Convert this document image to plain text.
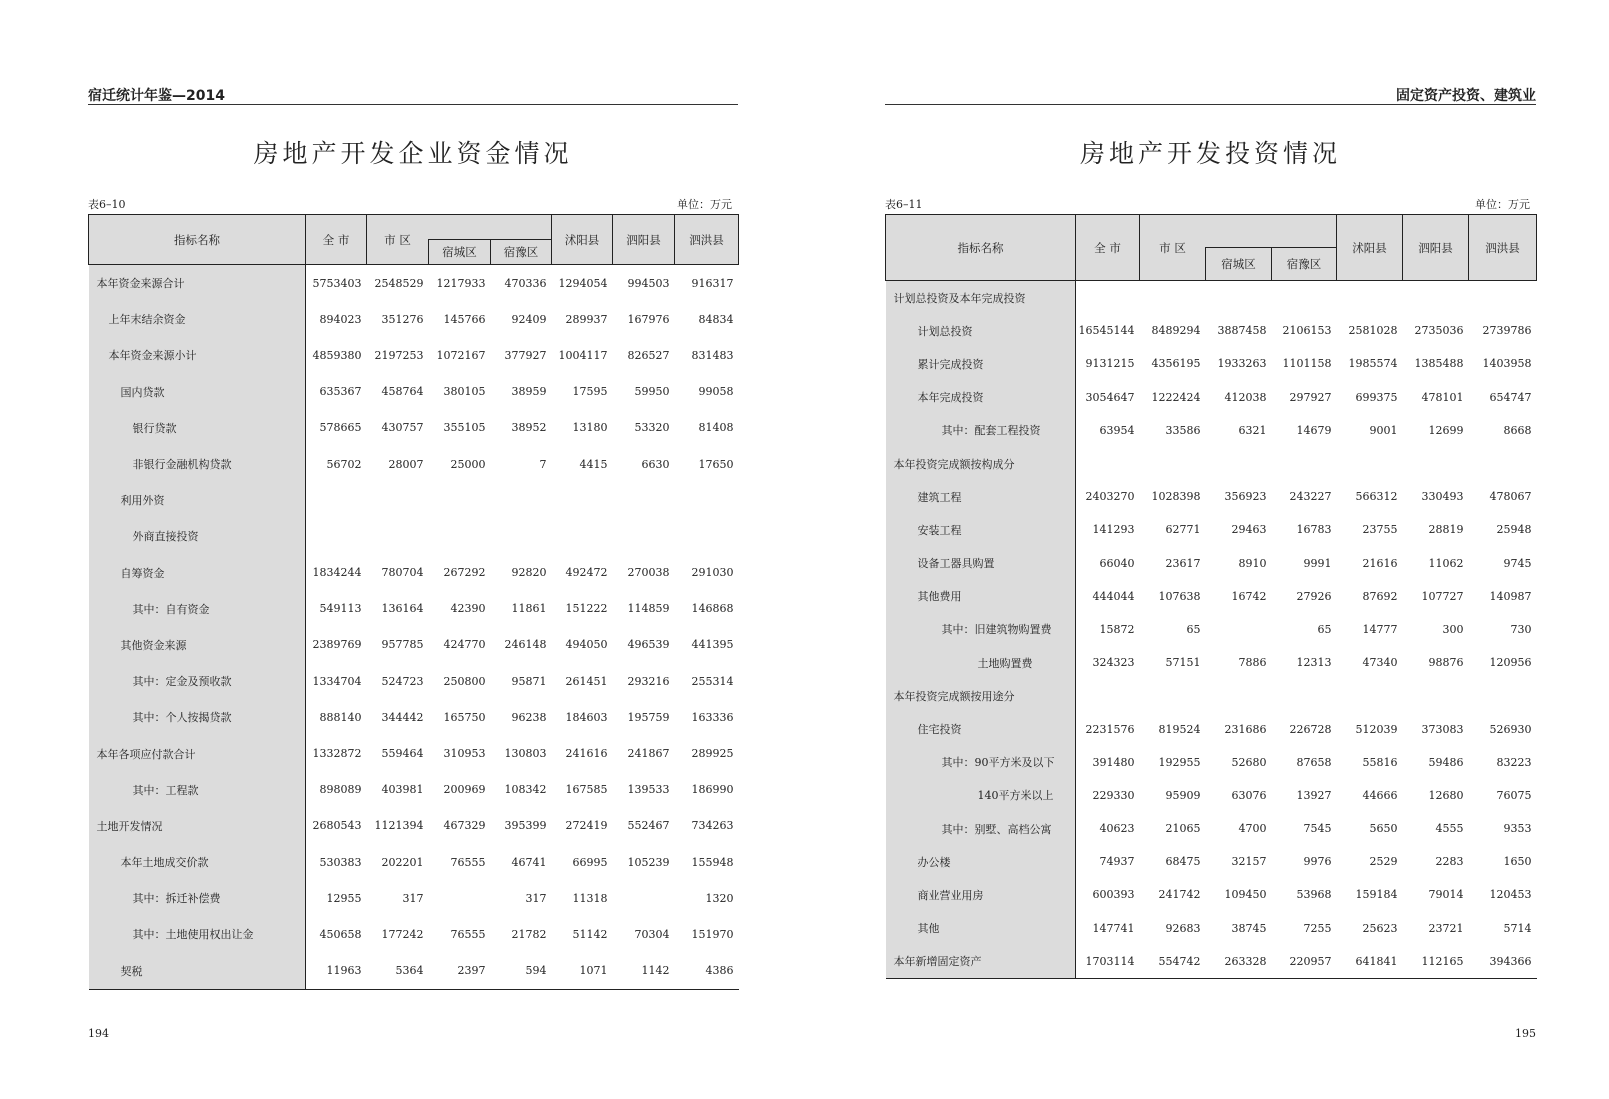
宿迁统计年鉴—2014
房地产开发企业资金情况
表6–10	单位：万元
指标名称	全 市	市 区			沭阳县	泗阳县	泗洪县
			宿城区	宿豫区			
本年资金来源合计	5753403	2548529	1217933	470336	1294054	994503	916317
上年末结余资金	894023	351276	145766	92409	289937	167976	84834
本年资金来源小计	4859380	2197253	1072167	377927	1004117	826527	831483
国内贷款	635367	458764	380105	38959	17595	59950	99058
银行贷款	578665	430757	355105	38952	13180	53320	81408
非银行金融机构贷款	56702	28007	25000	7	4415	6630	17650
利用外资							
外商直接投资							
自筹资金	1834244	780704	267292	92820	492472	270038	291030
其中：自有资金	549113	136164	42390	11861	151222	114859	146868
其他资金来源	2389769	957785	424770	246148	494050	496539	441395
其中：定金及预收款	1334704	524723	250800	95871	261451	293216	255314
其中：个人按揭贷款	888140	344442	165750	96238	184603	195759	163336
本年各项应付款合计	1332872	559464	310953	130803	241616	241867	289925
其中：工程款	898089	403981	200969	108342	167585	139533	186990
土地开发情况	2680543	1121394	467329	395399	272419	552467	734263
本年土地成交价款	530383	202201	76555	46741	66995	105239	155948
其中：拆迁补偿费	12955	317		317	11318		1320
其中：土地使用权出让金	450658	177242	76555	21782	51142	70304	151970
契税	11963	5364	2397	594	1071	1142	4386
194
固定资产投资、建筑业
房地产开发投资情况
表6–11	单位：万元
指标名称	全 市	市 区			沭阳县	泗阳县	泗洪县
			宿城区	宿豫区			
计划总投资及本年完成投资							
计划总投资	16545144	8489294	3887458	2106153	2581028	2735036	2739786
累计完成投资	9131215	4356195	1933263	1101158	1985574	1385488	1403958
本年完成投资	3054647	1222424	412038	297927	699375	478101	654747
其中：配套工程投资	63954	33586	6321	14679	9001	12699	8668
本年投资完成额按构成分							
建筑工程	2403270	1028398	356923	243227	566312	330493	478067
安装工程	141293	62771	29463	16783	23755	28819	25948
设备工器具购置	66040	23617	8910	9991	21616	11062	9745
其他费用	444044	107638	16742	27926	87692	107727	140987
其中：旧建筑物购置费	15872	65		65	14777	300	730
土地购置费	324323	57151	7886	12313	47340	98876	120956
本年投资完成额按用途分							
住宅投资	2231576	819524	231686	226728	512039	373083	526930
其中：90平方米及以下	391480	192955	52680	87658	55816	59486	83223
140平方米以上	229330	95909	63076	13927	44666	12680	76075
其中：别墅、高档公寓	40623	21065	4700	7545	5650	4555	9353
办公楼	74937	68475	32157	9976	2529	2283	1650
商业营业用房	600393	241742	109450	53968	159184	79014	120453
其他	147741	92683	38745	7255	25623	23721	5714
本年新增固定资产	1703114	554742	263328	220957	641841	112165	394366
195
